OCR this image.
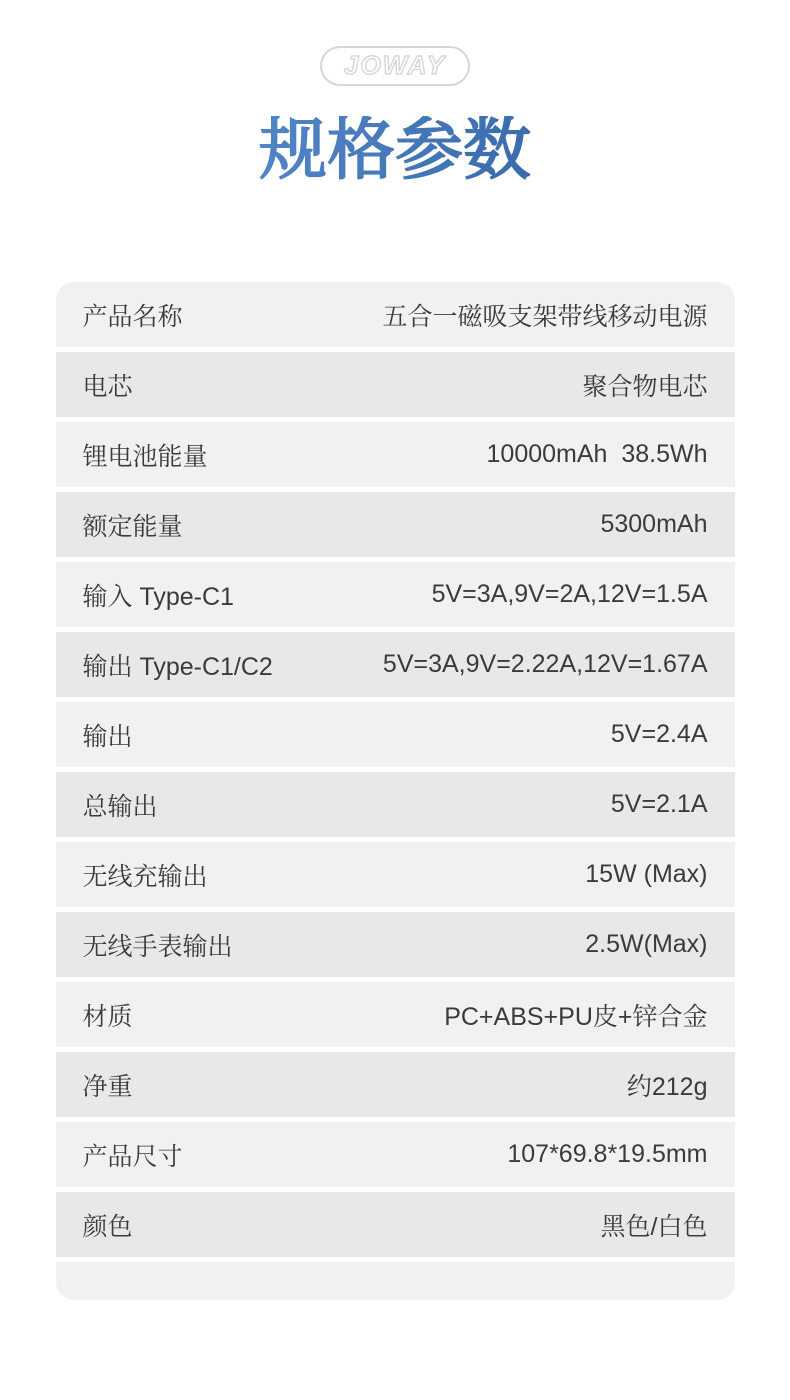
JOWAY
规格参数
产品名称	五合一磁吸支架带线移动电源
电芯	聚合物电芯
锂电池能量	10000mAh  38.5Wh
额定能量	5300mAh
输入 Type-C1	5V=3A,9V=2A,12V=1.5A
输出 Type-C1/C2	5V=3A,9V=2.22A,12V=1.67A
输出	5V=2.4A
总输出	5V=2.1A
无线充输出	15W (Max)
无线手表输出	2.5W(Max)
材质	PC+ABS+PU皮+锌合金
净重	约212g
产品尺寸	107*69.8*19.5mm
颜色	黑色/白色
